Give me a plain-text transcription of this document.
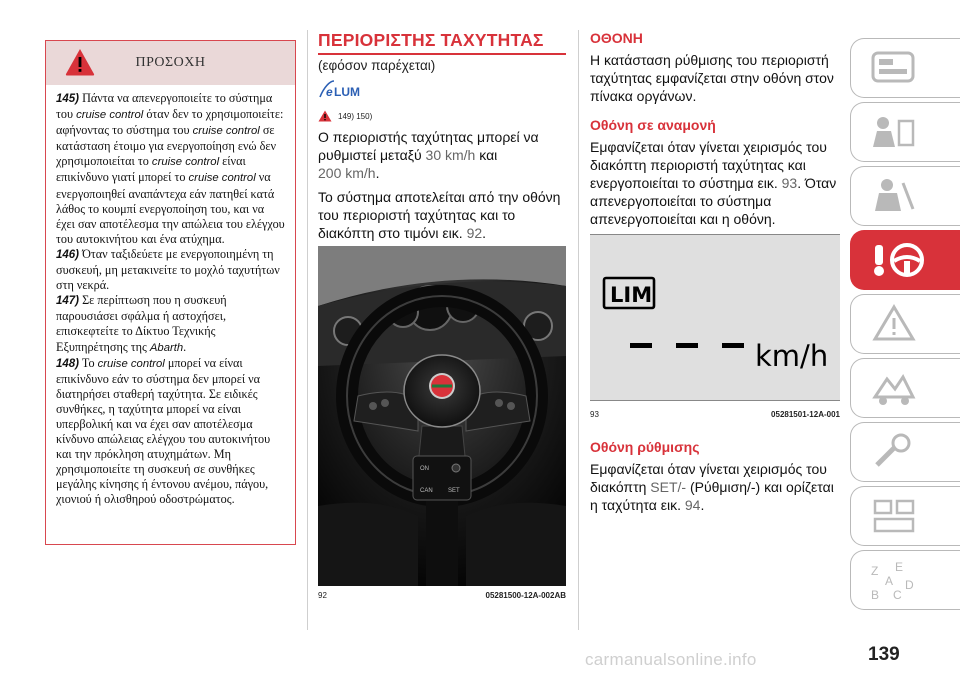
ΠΡΟΣΟΧΗ

145) Πάντα να απενεργοποιείτε το σύστημα του cruise control όταν δεν το χρησιμοποιείτε: αφήνοντας το σύστημα του cruise control σε κατάσταση έτοιμο για ενεργοποίηση ενώ δεν χρησιμοποιείται το cruise control είναι επικίνδυνο γιατί μπορεί το cruise control να ενεργοποιηθεί αναπάντεχα εάν πατηθεί κατά λάθος το κουμπί ενεργοποίηση του, και να έχει σαν αποτέλεσμα την απώλεια του ελέγχου του αυτοκινήτου και ένα ατύχημα.

146) Όταν ταξιδεύετε με ενεργοποιημένη τη συσκευή, μη μετακινείτε το μοχλό ταχυτήτων στη νεκρά.

147) Σε περίπτωση που η συσκευή παρουσιάσει σφάλμα ή αστοχήσει, επισκεφτείτε το Δίκτυο Τεχνικής Εξυπηρέτησης της Abarth.

148) Το cruise control μπορεί να είναι επικίνδυνο εάν το σύστημα δεν μπορεί να διατηρήσει σταθερή ταχύτητα. Σε ειδικές συνθήκες, η ταχύτητα μπορεί να είναι υπερβολική και να έχει σαν αποτέλεσμα κίνδυνο απώλειας ελέγχου του αυτοκινήτου και την πρόκληση ατυχημάτων. Μη χρησιμοποιείτε τη συσκευή σε συνθήκες μεγάλης κίνησης ή έντονου ανέμου, πάγου, χιονιού ή ολισθηρού οδοστρώματος.

ΠΕΡΙΟΡΙΣΤΗΣ ΤΑΧΥΤΗΤΑΣ
(εφόσον παρέχεται)
e LUM
149) 150)
Ο περιοριστής ταχύτητας μπορεί να ρυθμιστεί μεταξύ 30 km/h και
200 km/h.
Το σύστημα αποτελείται από την οθόνη του περιοριστή ταχύτητας και το διακόπτη στο τιμόνι εικ. 92.
ON
CAN	SET
92	05281500-12A-002AB
ΟΘΟΝΗ
Η κατάσταση ρύθμισης του περιοριστή ταχύτητας εμφανίζεται στην οθόνη στον πίνακα οργάνων.
Οθόνη σε αναμονή
Εμφανίζεται όταν γίνεται χειρισμός του διακόπτη περιοριστή ταχύτητας και ενεργοποιείται το σύστημα εικ. 93. Όταν απενεργοποιείται το σύστημα απενεργοποιείται και η οθόνη.
LIM
km/h
93	05281501-12A-001
Οθόνη ρύθμισης
Εμφανίζεται όταν γίνεται χειρισμός του διακόπτη SET/- (Ρύθμιση/-) και ορίζεται η ταχύτητα εικ. 94.
Z E
A
B C
D
139
carmanualsonline.info
